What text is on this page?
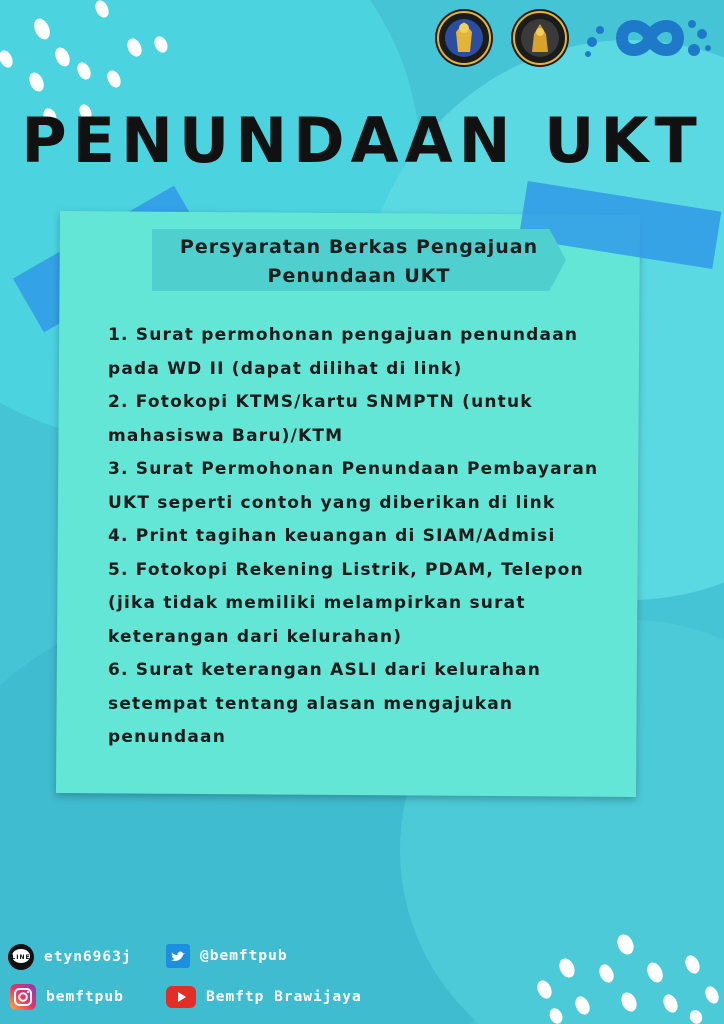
PENUNDAAN UKT
Persyaratan Berkas Pengajuan
Penundaan UKT
1. Surat permohonan pengajuan penundaan
pada WD II (dapat dilihat di link)
2. Fotokopi KTMS/kartu SNMPTN (untuk
mahasiswa Baru)/KTM
3. Surat Permohonan Penundaan Pembayaran
UKT seperti contoh yang diberikan di link
4. Print tagihan keuangan di SIAM/Admisi
5. Fotokopi Rekening Listrik, PDAM, Telepon
(jika tidak memiliki melampirkan surat
keterangan dari kelurahan)
6. Surat keterangan ASLI dari kelurahan
setempat tentang alasan mengajukan
penundaan
LINE etyn6963j	@bemftpub
bemftpub	Bemftp Brawijaya
